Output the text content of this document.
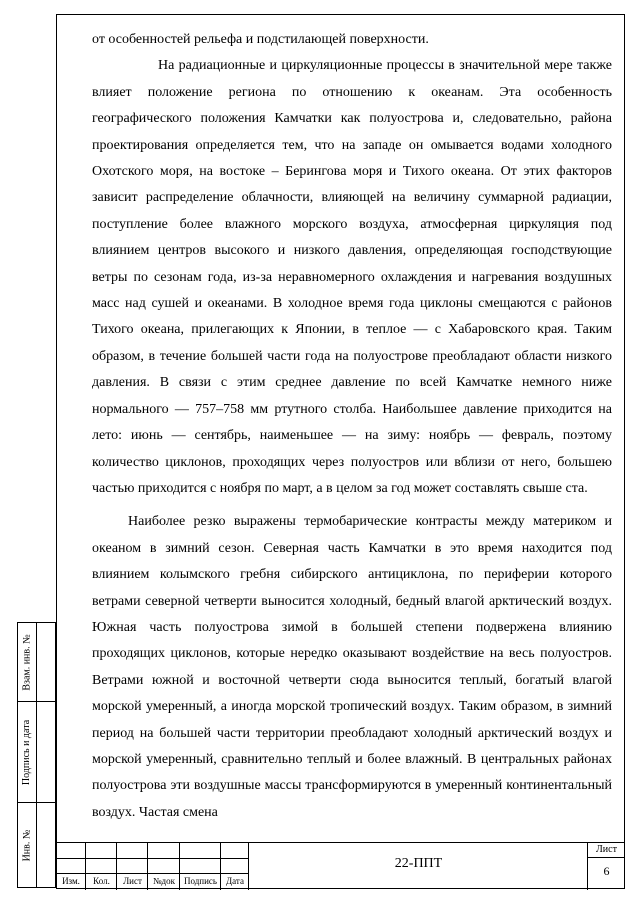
от особенностей рельефа и подстилающей поверхности.

На радиационные и циркуляционные процессы в значительной мере также влияет положение региона по отношению к океанам. Эта особенность географического положения Камчатки как полуострова и, следовательно, района проектирования определяется тем, что на западе он омывается водами холодного Охотского моря, на востоке – Берингова моря и Тихого океана. От этих факторов зависит распределение облачности, влияющей на величину суммарной радиации, поступление более влажного морского воздуха, атмосферная циркуляция под влиянием центров высокого и низкого давления, определяющая господствующие ветры по сезонам года, из-за неравномерного охлаждения и нагревания воздушных масс над сушей и океанами. В холодное время года циклоны смещаются с районов Тихого океана, прилегающих к Японии, в теплое — с Хабаровского края. Таким образом, в течение большей части года на полуострове преобладают области низкого давления. В связи с этим среднее давление по всей Камчатке немного ниже нормального — 757–758 мм ртутного столба. Наибольшее давление приходится на лето: июнь — сентябрь, наименьшее — на зиму: ноябрь — февраль, поэтому количество циклонов, проходящих через полуостров или вблизи от него, большею частью приходится с ноября по март, а в целом за год может составлять свыше ста.

Наиболее резко выражены термобарические контрасты между материком и океаном в зимний сезон. Северная часть Камчатки в это время находится под влиянием колымского гребня сибирского антициклона, по периферии которого ветрами северной четверти выносится холодный, бедный влагой арктический воздух. Южная часть полуострова зимой в большей степени подвержена влиянию проходящих циклонов, которые нередко оказывают воздействие на весь полуостров. Ветрами южной и восточной четверти сюда выносится теплый, богатый влагой морской умеренный, а иногда морской тропический воздух. Таким образом, в зимний период на большей части территории преобладают холодный арктический воздух и морской умеренный, сравнительно теплый и более влажный. В центральных районах полуострова эти воздушные массы трансформируются в умеренный континентальный воздух. Частая смена

Взам. инв. №
Подпись и дата
Инв. №
Изм.	Кол.	Лист	№док Подпись Дата
22-ППТ
Лист
6
